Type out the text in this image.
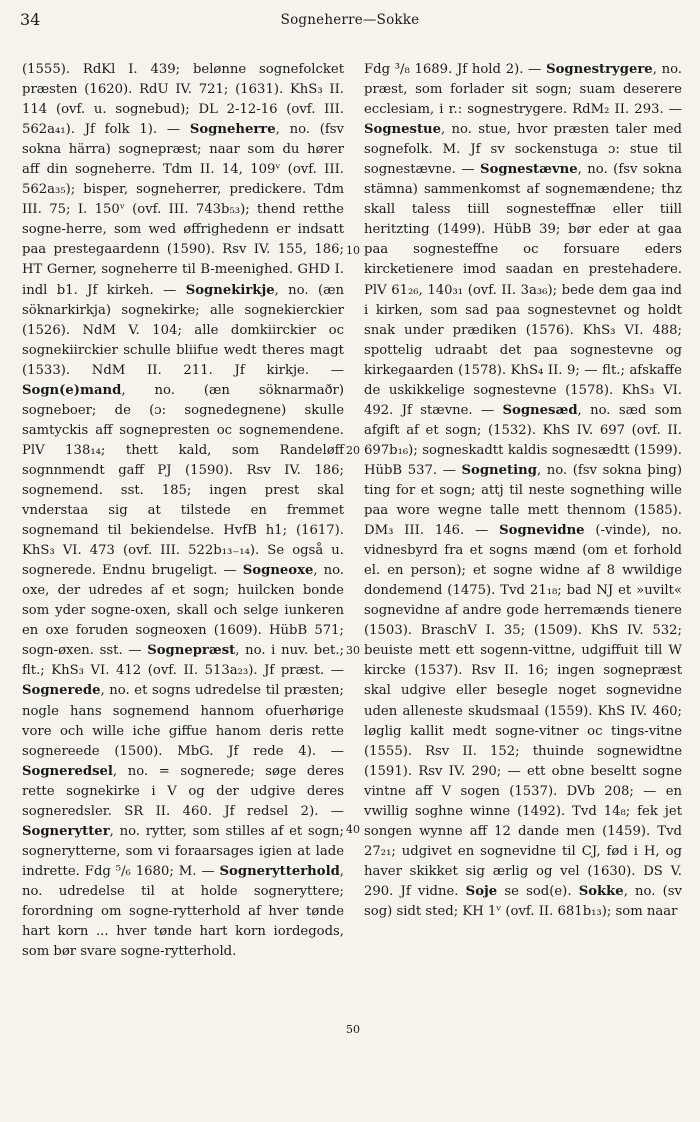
34	Sogneherre—Sokke

(1555). RdKl I. 439; belønne sognefolcket præsten (1620). RdU IV. 721; (1631). KhS₃ II. 114 (ovf. u. sognebud); DL 2-12-16 (ovf. III. 562a₄₁). Jf folk 1). — Sogneherre, no. (fsv sokna härra) sognepræst; naar som du hører aff din sogneherre. Tdm II. 14, 109ᵛ (ovf. III. 562a₃₅); bisper, sogneherrer, predickere. Tdm III. 75; I. 150ᵛ (ovf. III. 743b₅₃); thend retthe sogne-herre, som wed øffrighedenn er indsatt paa prestegaardenn (1590). Rsv IV. 155, 186; HT Gerner, sogneherre til B-meenighed. GHD I. indl b1. Jf kirkeh. — Sognekirkje, no. (æn söknarkirkja) sognekirke; alle sognekierckier (1526). NdM V. 104; alle domkiirckier oc sognekiirckier schulle bliifue wedt theres magt (1533). NdM II. 211. Jf kirkje. — Sogn(e)mand, no. (æn söknarmaðr) sogneboer; de (ɔ: sognedegnene) skulle samtyckis aff sognepresten oc sognemendene. PlV 138₁₄; thett kald, som Randeløff sognnmendt gaff PJ (1590). Rsv IV. 186; sognemend. sst. 185; ingen prest skal vnderstaa sig at tilstede en fremmet sognemand til bekiendelse. HvfB h1; (1617). KhS₃ VI. 473 (ovf. III. 522b₁₃₋₁₄). Se også u. sognerede. Endnu brugeligt. — Sogneoxe, no. oxe, der udredes af et sogn; huilcken bonde som yder sogne-oxen, skall och selge iunkeren en oxe foruden sogneoxen (1609). HübB 571; sogn-øxen. sst. — Sognepræst, no. i nuv. bet.; flt.; KhS₃ VI. 412 (ovf. II. 513a₂₃). Jf præst. — Sognerede, no. et sogns udredelse til præsten; nogle hans sognemend hannom ofuerhørige vore och wille iche giffue hanom deris rette sognereede (1500). MbG. Jf rede 4). — Sogneredsel, no. = sognerede; søge deres rette sognekirke i V og der udgive deres sogneredsler. SR II. 460. Jf redsel 2). — Sognerytter, no. rytter, som stilles af et sogn; sognerytterne, som vi foraarsages igien at lade indrette. Fdg ⁵/₆ 1680; M. — Sognerytterhold, no. udredelse til at holde sognerytterе; forordning om sogne-rytterhold af hver tønde hart korn ... hver tønde hart korn iordegods, som bør svare sogne-rytterhold.

10
20
30
40
50

Fdg ³/₈ 1689. Jf hold 2). — Sognestrygere, no. præst, som forlader sit sogn; suam deserere ecclesiam, i r.: sognestrygere. RdM₂ II. 293. — Sognestue, no. stue, hvor præsten taler med sognefolk. M. Jf sv sockenstuga ɔ: stue til sognestævne. — Sognestævne, no. (fsv sokna stämna) sammenkomst af sognemændene; thz skall taless tiill sognesteffnæ eller tiill heritzting (1499). HübB 39; bør eder at gaa paa sognesteffne oc forsuare eders kircketienere imod saadan en prestehadere. PlV 61₂₆, 140₃₁ (ovf. II. 3a₃₆); bede dem gaa ind i kirken, som sad paa sognestevnet og holdt snak under prædiken (1576). KhS₃ VI. 488; spottelig udraabt det paa sognestevne og kirkegaarden (1578). KhS₄ II. 9; — flt.; afskaffe de uskikkelige sognestevne (1578). KhS₃ VI. 492. Jf stævne. — Sognesæd, no. sæd som afgift af et sogn; (1532). KhS IV. 697 (ovf. II. 697b₁₆); sogneskadtt kaldis sognesædtt (1599). HübB 537. — Sogneting, no. (fsv sokna þing) ting for et sogn; attj til neste sognething wille paa wore wegne talle mett thennom (1585). DM₃ III. 146. — Sognevidne (-vinde), no. vidnesbyrd fra et sogns mænd (om et forhold el. en person); et sogne widne af 8 wwildige dondemend (1475). Tvd 21₁₈; bad NJ et »uvilt« sognevidne af andre gode herremænds tienere (1503). BraschV I. 35; (1509). KhS IV. 532; beuiste mett ett sogenn-vittne, udgiffuit till W kircke (1537). Rsv II. 16; ingen sognepræst skal udgive eller besegle noget sognevidne uden alleneste skudsmaal (1559). KhS IV. 460; løglig kallit medt sogne-vitner oc tings-vitne (1555). Rsv II. 152; thuinde sognewidtne (1591). Rsv IV. 290; — ett obne beseltt sogne vintne aff V sogen (1537). DVb 208; — en vwillig soghne winne (1492). Tvd 14₈; fek jet songen wynne aff 12 dande men (1459). Tvd 27₂₁; udgivet en sognevidne til CJ, fød i H, og haver skikket sig ærlig og vel (1630). DS V. 290. Jf vidne. Soje se sod(e). Sokke, no. (sv sog) sidt sted; KH 1ᵛ (ovf. II. 681b₁₃); som naar
